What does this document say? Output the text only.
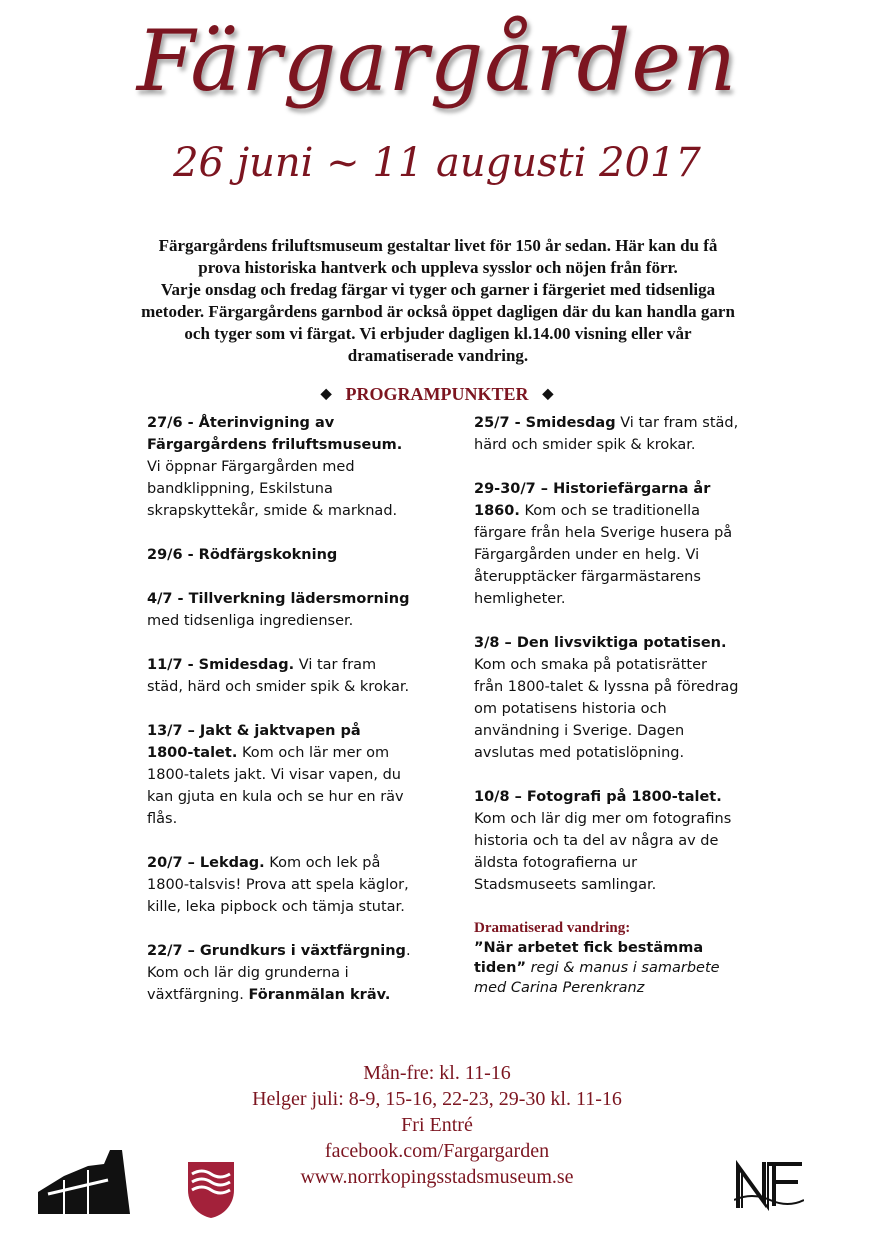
Färgargården
26 juni ~ 11 augusti 2017

Färgargårdens friluftsmuseum gestaltar livet för 150 år sedan. Här kan du få prova historiska hantverk och uppleva sysslor och nöjen från förr.

Varje onsdag och fredag färgar vi tyger och garner i färgeriet med tidsenliga metoder. Färgargårdens garnbod är också öppet dagligen där du kan handla garn och tyger som vi färgat. Vi erbjuder dagligen kl.14.00 visning eller vår dramatiserade vandring.

◆ PROGRAMPUNKTER ◆
27/6 - Återinvigning av Färgargårdens friluftsmuseum. Vi öppnar Färgargården med bandklippning, Eskilstuna skrapskyttekår, smide & marknad.
29/6 - Rödfärgskokning
4/7 - Tillverkning lädersmorning med tidsenliga ingredienser.
11/7 - Smidesdag. Vi tar fram städ, härd och smider spik & krokar.
13/7 – Jakt & jaktvapen på 1800-talet. Kom och lär mer om 1800-talets jakt. Vi visar vapen, du kan gjuta en kula och se hur en räv flås.
20/7 – Lekdag. Kom och lek på 1800-talsvis! Prova att spela käglor, kille, leka pipbock och tämja stutar.
22/7 – Grundkurs i växtfärgning. Kom och lär dig grunderna i växtfärgning. Föranmälan kräv.
25/7 - Smidesdag Vi tar fram städ, härd och smider spik & krokar.
29-30/7 – Historiefärgarna år 1860. Kom och se traditionella färgare från hela Sverige husera på Färgargården under en helg. Vi återupptäcker färgarmästarens hemligheter.
3/8 – Den livsviktiga potatisen. Kom och smaka på potatisrätter från 1800-talet & lyssna på föredrag om potatisens historia och användning i Sverige. Dagen avslutas med potatislöpning.
10/8 – Fotografi på 1800-talet. Kom och lär dig mer om fotografins historia och ta del av några av de äldsta fotografierna ur Stadsmuseets samlingar.
Dramatiserad vandring:
”När arbetet fick bestämma tiden” regi & manus i samarbete med Carina Perenkranz
Mån-fre: kl. 11-16
Helger juli: 8-9, 15-16, 22-23, 29-30 kl. 11-16
Fri Entré
facebook.com/Fargargarden
www.norrkopingsstadsmuseum.se
